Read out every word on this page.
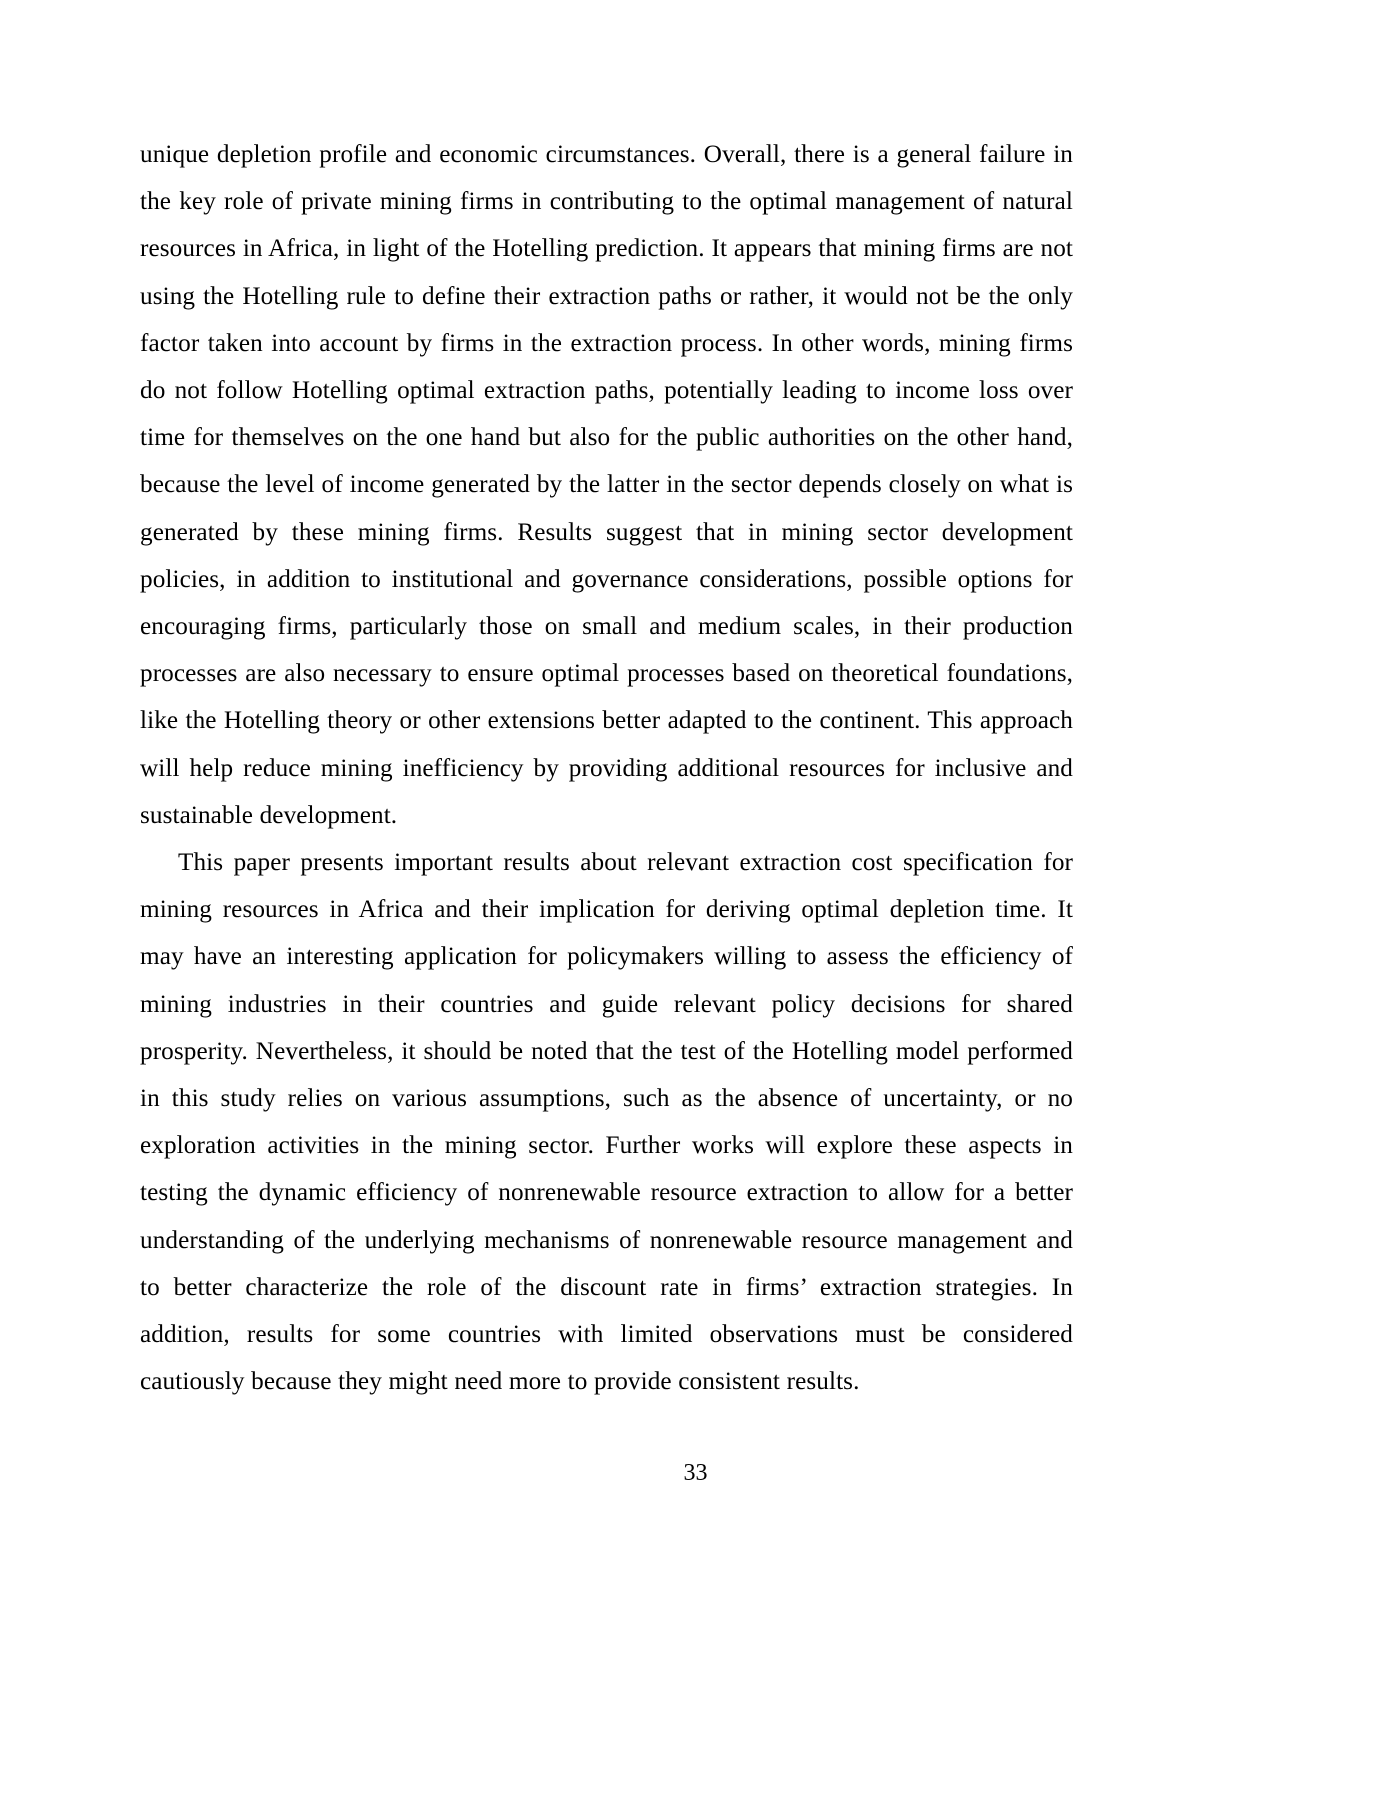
unique depletion profile and economic circumstances. Overall, there is a general failure in the key role of private mining firms in contributing to the optimal management of natural resources in Africa, in light of the Hotelling prediction. It appears that mining firms are not using the Hotelling rule to define their extraction paths or rather, it would not be the only factor taken into account by firms in the extraction process. In other words, mining firms do not follow Hotelling optimal extraction paths, potentially leading to income loss over time for themselves on the one hand but also for the public authorities on the other hand, because the level of income generated by the latter in the sector depends closely on what is generated by these mining firms. Results suggest that in mining sector development policies, in addition to institutional and governance considerations, possible options for encouraging firms, particularly those on small and medium scales, in their production processes are also necessary to ensure optimal processes based on theoretical foundations, like the Hotelling theory or other extensions better adapted to the continent. This approach will help reduce mining inefficiency by providing additional resources for inclusive and sustainable development.

This paper presents important results about relevant extraction cost specification for mining resources in Africa and their implication for deriving optimal depletion time. It may have an interesting application for policymakers willing to assess the efficiency of mining industries in their countries and guide relevant policy decisions for shared prosperity. Nevertheless, it should be noted that the test of the Hotelling model performed in this study relies on various assumptions, such as the absence of uncertainty, or no exploration activities in the mining sector. Further works will explore these aspects in testing the dynamic efficiency of nonrenewable resource extraction to allow for a better understanding of the underlying mechanisms of nonrenewable resource management and to better characterize the role of the discount rate in firms’ extraction strategies. In addition, results for some countries with limited observations must be considered cautiously because they might need more to provide consistent results.

33
